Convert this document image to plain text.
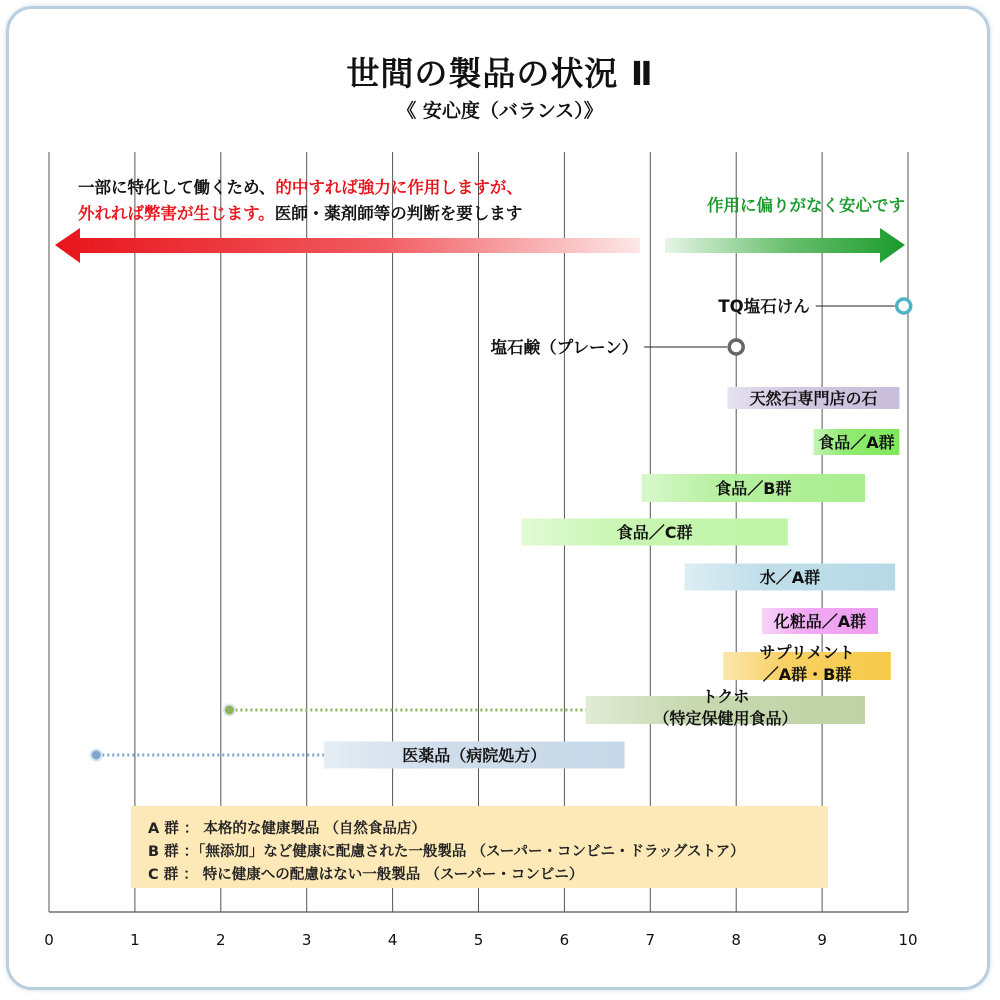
世間の製品の状況 Ⅱ
《 安心度（バランス）》
0	1	2	3	4	5	6	7	8	9	10
一部に特化して働くため、的中すれば強力に作用しますが、
外れれば弊害が生じます。医師・薬剤師等の判断を要します	作用に偏りがなく安心です
天然石専門店の石
食品／A群
食品／B群
食品／C群
水／A群
化粧品／A群
サプリメント
／A群・B群
トクホ
（特定保健用食品）
医薬品（病院処方）
TQ塩石けん
塩石鹸（プレーン）
A 群 ： 本格的な健康製品 （自然食品店）
B 群 ：「無添加」など健康に配慮された一般製品 （スーパー・コンビニ・ドラッグストア）
C 群 ： 特に健康への配慮はない一般製品 （スーパー・コンビニ）
